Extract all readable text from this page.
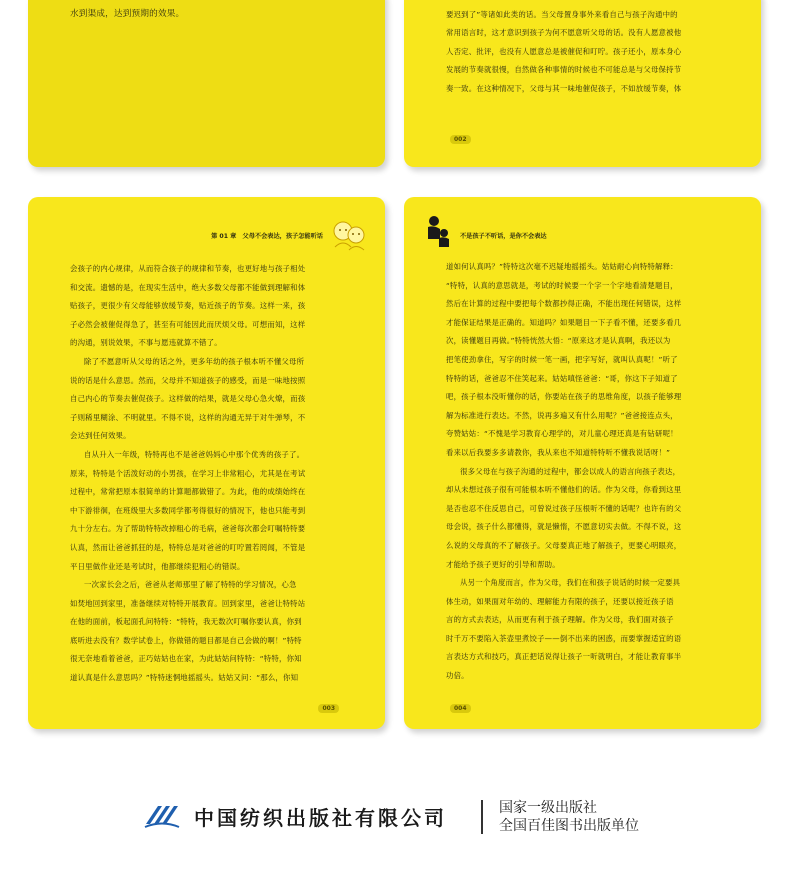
水到渠成，达到预期的效果。	要迟到了”等诸如此类的话。当父母置身事外来看自己与孩子沟通中的
常用语言时，这才意识到孩子为何不愿意听父母的话。没有人愿意被他
人否定、批评，也没有人愿意总是被催促和叮咛。孩子还小，原本身心
发展的节奏就很慢，自然做各种事情的时候也不可能总是与父母保持节
奏一致。在这种情况下，父母与其一味地催促孩子，不如放缓节奏，体
002
第 01 章　父母不会表达，孩子怎能听话
会孩子的内心规律，从而符合孩子的规律和节奏，也更好地与孩子相处
和交流。遗憾的是，在现实生活中，绝大多数父母都不能做到理解和体
贴孩子，更很少有父母能够放缓节奏，贴近孩子的节奏。这样一来，孩
子必然会被催促得急了，甚至有可能因此而厌烦父母。可想而知，这样
的沟通，别说效果，不事与愿违就算不错了。
除了不愿意听从父母的话之外，更多年幼的孩子根本听不懂父母所
说的话是什么意思。然而，父母并不知道孩子的感受，而是一味地按照
自己内心的节奏去催促孩子。这样做的结果，就是父母心急火燎，而孩
子则稀里糊涂、不明就里。不得不说，这样的沟通无异于对牛弹琴，不
会达到任何效果。
自从升入一年级，特特再也不是爸爸妈妈心中那个优秀的孩子了。
原来，特特是个活泼好动的小男孩，在学习上非常粗心，尤其是在考试
过程中，常常把原本很简单的计算题都做错了。为此，他的成绩始终在
中下游徘徊，在班级里大多数同学都考得很好的情况下，他也只能考到
九十分左右。为了帮助特特改掉粗心的毛病，爸爸每次都会叮嘱特特要
认真，然而让爸爸抓狂的是，特特总是对爸爸的叮咛置若罔闻，不管是
平日里做作业还是考试时，他都继续犯粗心的错误。
一次家长会之后，爸爸从老师那里了解了特特的学习情况，心急
如焚地回到家里，准备继续对特特开展教育。回到家里，爸爸让特特站
在他的面前，板起面孔问特特：“特特，我无数次叮嘱你要认真，你到
底听进去没有？数学试卷上，你做错的题目都是自己会做的啊！”特特
很无奈地看着爸爸，正巧姑姑也在家，为此姑姑问特特：“特特，你知
道认真是什么意思吗？”特特迷惘地摇摇头。姑姑又问：“那么，你知
003
不是孩子不听话，是你不会表达
道如何认真吗？”特特这次毫不迟疑地摇摇头。姑姑耐心向特特解释：
“特特，认真的意思就是，考试的时候要一个字一个字地看清楚题目，
然后在计算的过程中要把每个数都抄得正确，不能出现任何错误，这样
才能保证结果是正确的。知道吗？如果题目一下子看不懂，还要多看几
次，读懂题目再做。”特特恍然大悟：“原来这才是认真啊，我还以为
把笔使劲拿住，写字的时候一笔一画，把字写好，就叫认真呢！”听了
特特的话，爸爸忍不住笑起来。姑姑嗔怪爸爸：“哥，你这下子知道了
吧，孩子根本没听懂你的话，你要站在孩子的思维角度，以孩子能够理
解为标准进行表达。不然，说再多遍又有什么用呢？”爸爸接连点头，
夸赞姑姑：“不愧是学习教育心理学的，对儿童心理还真是有钻研呢！
看来以后我要多多请教你，我从来也不知道特特听不懂我说话呀！”
很多父母在与孩子沟通的过程中，都会以成人的语言向孩子表达，
却从未想过孩子很有可能根本听不懂他们的话。作为父母，你看到这里
是否也忍不住反思自己，可曾说过孩子压根听不懂的话呢？也许有的父
母会说，孩子什么都懂得，就是懒惰，不愿意切实去做。不得不说，这
么说的父母真的不了解孩子。父母要真正地了解孩子，更要心明眼亮，
才能给予孩子更好的引导和帮助。
从另一个角度而言，作为父母，我们在和孩子说话的时候一定要具
体生动，如果面对年幼的、理解能力有限的孩子，还要以接近孩子语
言的方式去表达，从而更有利于孩子理解。作为父母，我们面对孩子
时千万不要陷入茶壶里煮饺子——倒不出来的困惑，而要掌握适宜的语
言表达方式和技巧，真正把话说得让孩子一听就明白，才能让教育事半
功倍。
004
中国纺织出版社有限公司	国家一级出版社
全国百佳图书出版单位
